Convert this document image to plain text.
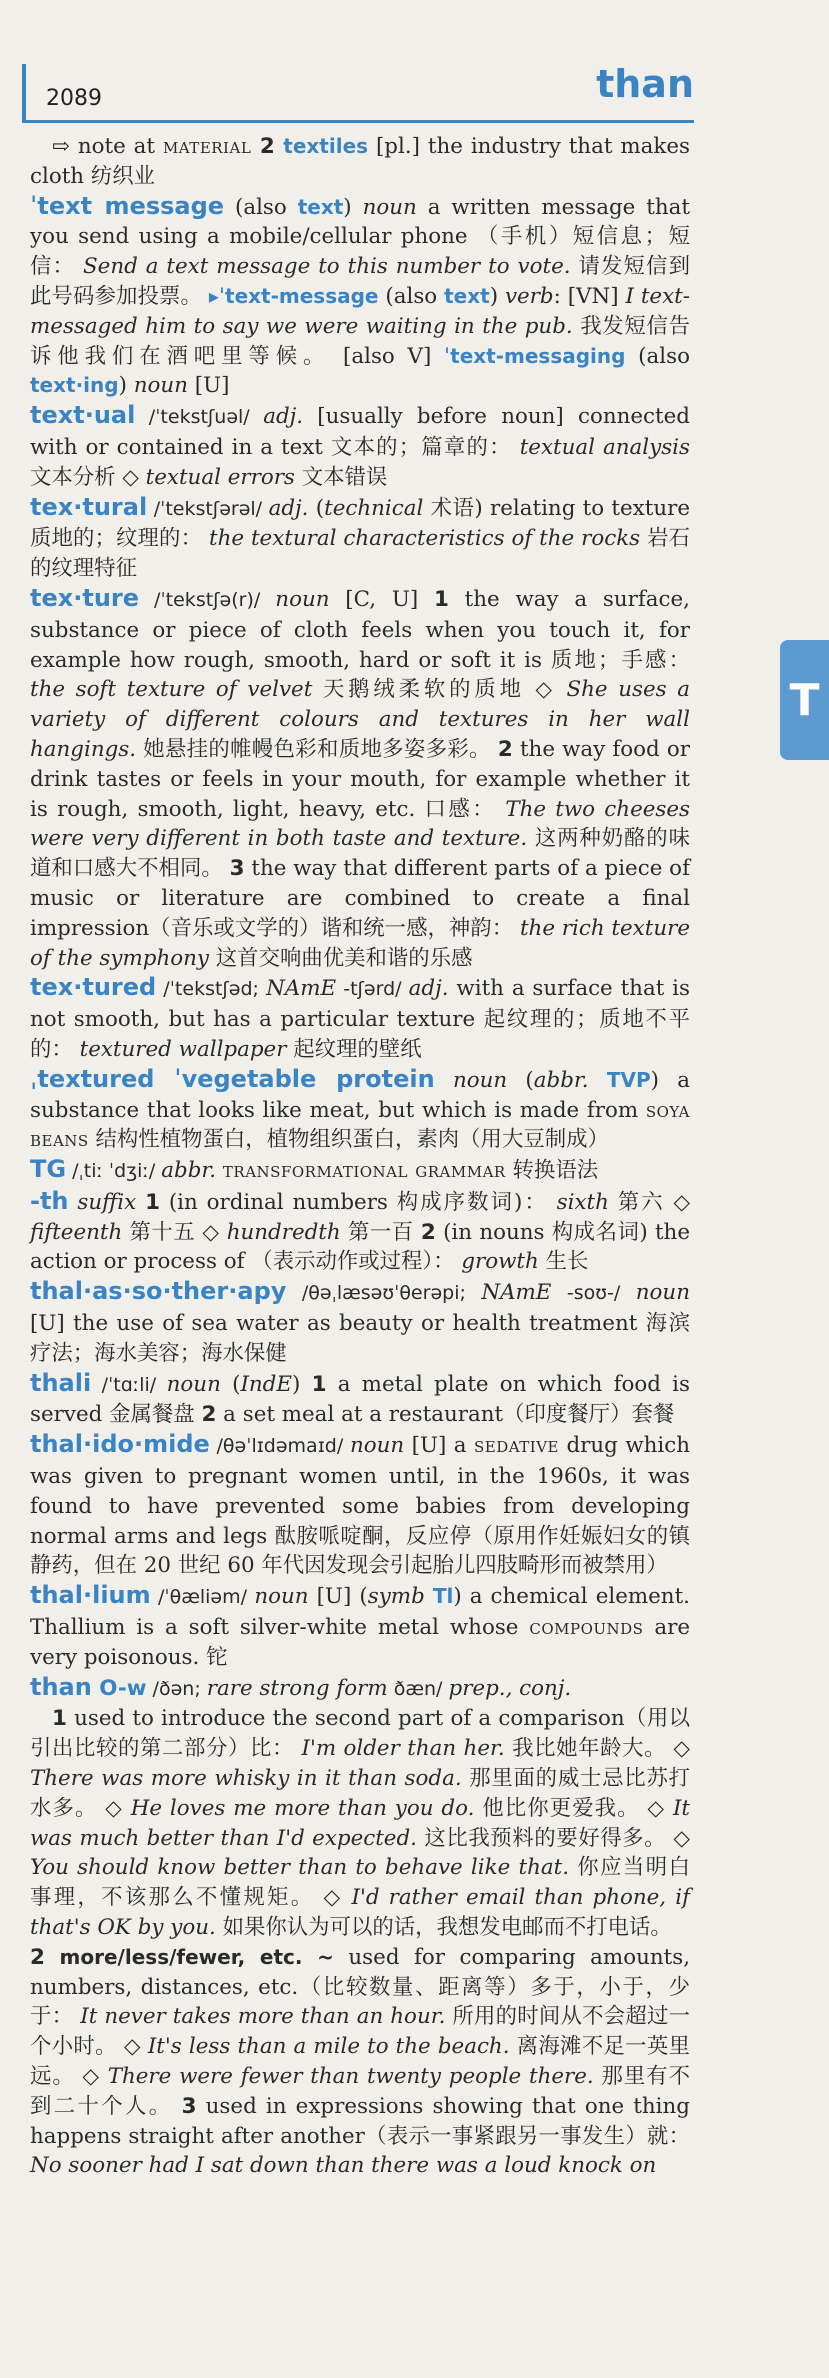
2089	than
T
⇨ note at material 2 textiles [pl.] the industry that makes cloth 纺织业
ˈtext message (also text) noun a written message that you send using a mobile/cellular phone （手机）短信息；短信： Send a text message to this number to vote. 请发短信到此号码参加投票。 ▸ˈtext-message (also text) verb: [VN] I text-messaged him to say we were waiting in the pub. 我发短信告诉他我们在酒吧里等候。 [also V] ˈtext-messaging (also text·ing) noun [U]
text·ual /ˈtekstʃuəl/ adj. [usually before noun] connected with or contained in a text 文本的；篇章的： textual analysis 文本分析 ◇ textual errors 文本错误
tex·tural /ˈtekstʃərəl/ adj. (technical 术语) relating to texture 质地的；纹理的： the textural characteristics of the rocks 岩石的纹理特征
tex·ture /ˈtekstʃə(r)/ noun [C, U] 1 the way a surface, substance or piece of cloth feels when you touch it, for example how rough, smooth, hard or soft it is 质地；手感： the soft texture of velvet 天鹅绒柔软的质地 ◇ She uses a variety of different colours and textures in her wall hangings. 她悬挂的帷幔色彩和质地多姿多彩。 2 the way food or drink tastes or feels in your mouth, for example whether it is rough, smooth, light, heavy, etc. 口感： The two cheeses were very different in both taste and texture. 这两种奶酪的味道和口感大不相同。 3 the way that different parts of a piece of music or literature are combined to create a final impression（音乐或文学的）谐和统一感，神韵： the rich texture of the symphony 这首交响曲优美和谐的乐感
tex·tured /ˈtekstʃəd; NAmE -tʃərd/ adj. with a surface that is not smooth, but has a particular texture 起纹理的；质地不平的： textured wallpaper 起纹理的壁纸
ˌtextured ˈvegetable protein noun (abbr. TVP) a substance that looks like meat, but which is made from soya beans 结构性植物蛋白，植物组织蛋白，素肉（用大豆制成）
TG /ˌtiː ˈdʒiː/ abbr. transformational grammar 转换语法
-th suffix 1 (in ordinal numbers 构成序数词)： sixth 第六 ◇ fifteenth 第十五 ◇ hundredth 第一百 2 (in nouns 构成名词) the action or process of （表示动作或过程）： growth 生长
thal·as·so·ther·apy /θəˌlæsəʊˈθerəpi; NAmE -soʊ-/ noun [U] the use of sea water as beauty or health treatment 海滨疗法；海水美容；海水保健
thali /ˈtɑːli/ noun (IndE) 1 a metal plate on which food is served 金属餐盘 2 a set meal at a restaurant（印度餐厅）套餐
thal·ido·mide /θəˈlɪdəmaɪd/ noun [U] a sedative drug which was given to pregnant women until, in the 1960s, it was found to have prevented some babies from developing normal arms and legs 酞胺哌啶酮，反应停（原用作妊娠妇女的镇静药，但在 20 世纪 60 年代因发现会引起胎儿四肢畸形而被禁用）
thal·lium /ˈθæliəm/ noun [U] (symb Tl) a chemical element. Thallium is a soft silver-white metal whose compounds are very poisonous. 铊
than O-w /ðən; rare strong form ðæn/ prep., conj.
1 used to introduce the second part of a comparison（用以引出比较的第二部分）比： I'm older than her. 我比她年龄大。 ◇ There was more whisky in it than soda. 那里面的威士忌比苏打水多。 ◇ He loves me more than you do. 他比你更爱我。 ◇ It was much better than I'd expected. 这比我预料的要好得多。 ◇ You should know better than to behave like that. 你应当明白事理，不该那么不懂规矩。 ◇ I'd rather email than phone, if that's OK by you. 如果你认为可以的话，我想发电邮而不打电话。
2 more/less/fewer, etc. ~ used for comparing amounts, numbers, distances, etc.（比较数量、距离等）多于，小于，少于： It never takes more than an hour. 所用的时间从不会超过一个小时。 ◇ It's less than a mile to the beach. 离海滩不足一英里远。 ◇ There were fewer than twenty people there. 那里有不到二十个人。 3 used in expressions showing that one thing happens straight after another（表示一事紧跟另一事发生）就： No sooner had I sat down than there was a loud knock on
